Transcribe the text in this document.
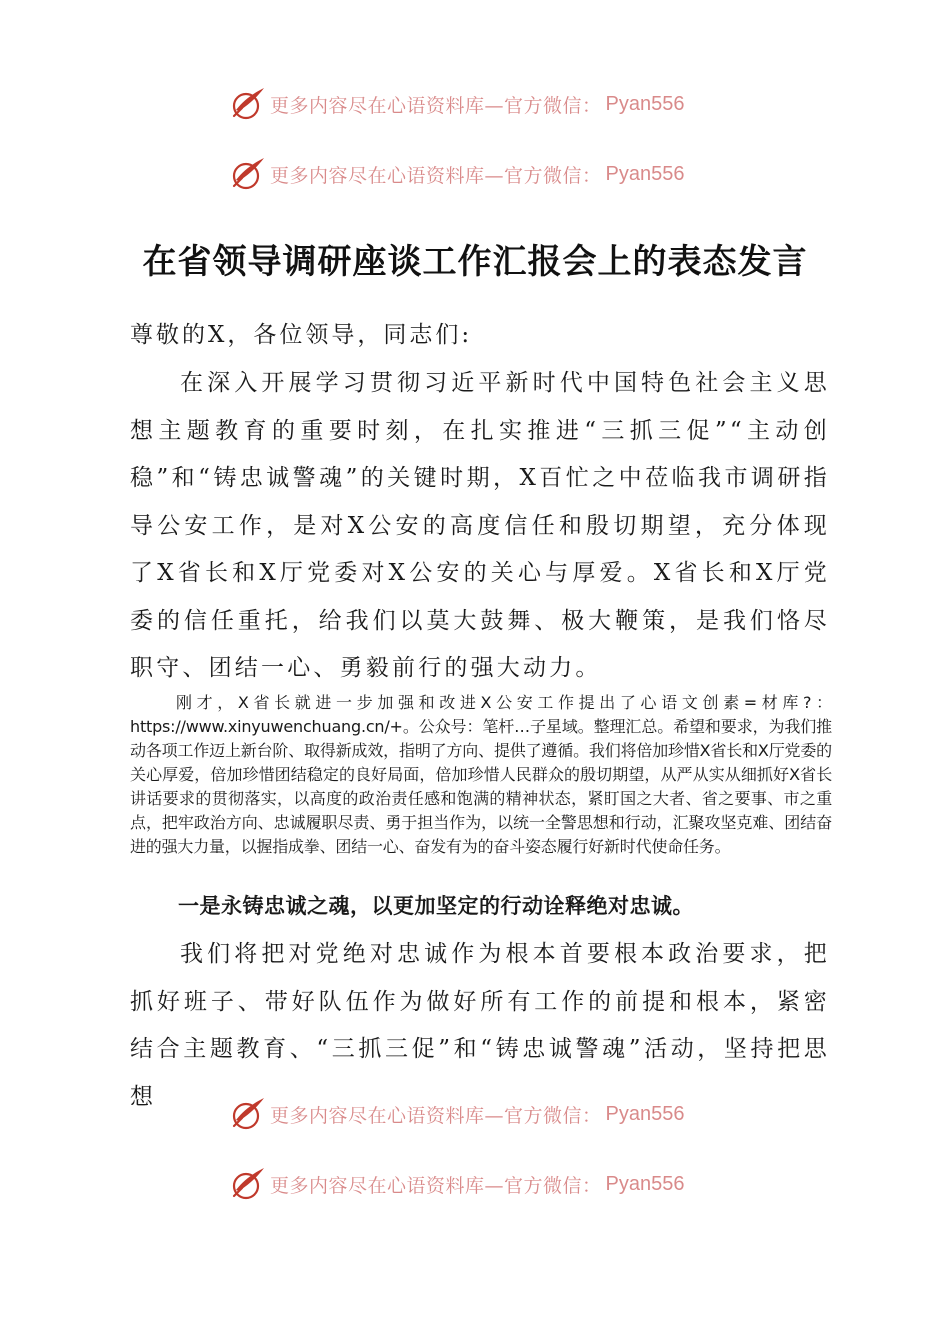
更多内容尽在心语资料库—官方微信： Pyan556
更多内容尽在心语资料库—官方微信： Pyan556
在省领导调研座谈工作汇报会上的表态发言
尊敬的X，各位领导，同志们:

在深入开展学习贯彻习近平新时代中国特色社会主义思想主题教育的重要时刻，在扎实推进“三抓三促”“主动创稳”和“铸忠诚警魂”的关键时期，X百忙之中莅临我市调研指导公安工作，是对X公安的高度信任和殷切期望，充分体现了X省长和X厅党委对X公安的关心与厚爱。X省长和X厅党委的信任重托，给我们以莫大鼓舞、极大鞭策，是我们恪尽职守、团结一心、勇毅前行的强大动力。

刚才，X省长就进一步加强和改进X公安工作提出了心语文创素=材库?：https://www.xinyuwenchuang.cn/+。公众号：笔杆…子星域。整理汇总。希望和要求，为我们推动各项工作迈上新台阶、取得新成效，指明了方向、提供了遵循。我们将倍加珍惜X省长和X厅党委的关心厚爱，倍加珍惜团结稳定的良好局面，倍加珍惜人民群众的殷切期望，从严从实从细抓好X省长讲话要求的贯彻落实，以高度的政治责任感和饱满的精神状态，紧盯国之大者、省之要事、市之重点，把牢政治方向、忠诚履职尽责、勇于担当作为，以统一全警思想和行动，汇聚攻坚克难、团结奋进的强大力量，以握指成拳、团结一心、奋发有为的奋斗姿态履行好新时代使命任务。

一是永铸忠诚之魂，以更加坚定的行动诠释绝对忠诚。

我们将把对党绝对忠诚作为根本首要根本政治要求，把抓好班子、带好队伍作为做好所有工作的前提和根本，紧密结合主题教育、“三抓三促”和“铸忠诚警魂”活动，坚持把思想

更多内容尽在心语资料库—官方微信： Pyan556
更多内容尽在心语资料库—官方微信： Pyan556
